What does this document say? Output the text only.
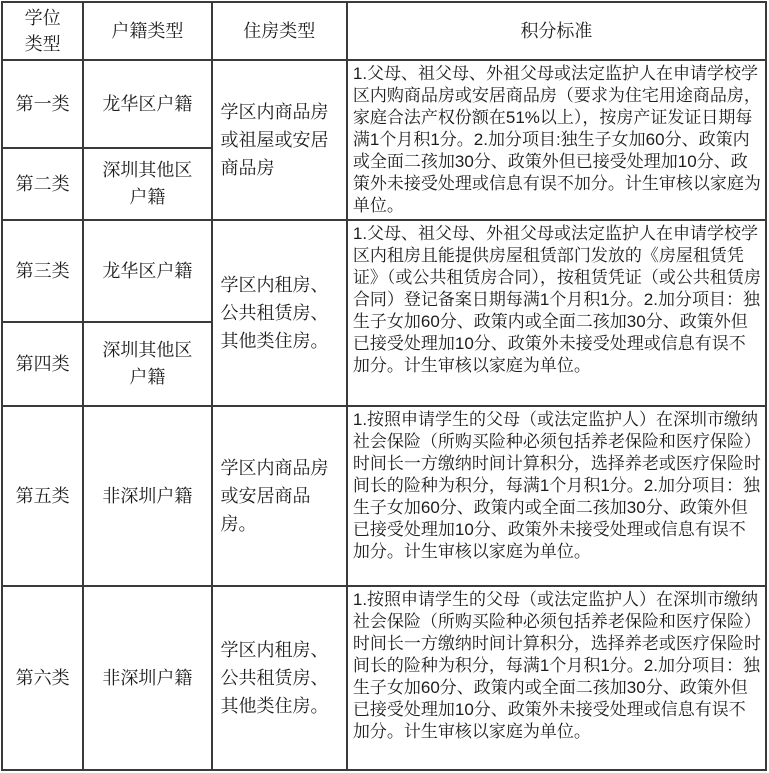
学位类型	户籍类型	住房类型	积分标准
第一类	龙华区户籍	学区内商品房或祖屋或安居商品房	1.父母、祖父母、外祖父母或法定监护人在申请学校学区内购商品房或安居商品房（要求为住宅用途商品房，家庭合法产权份额在51%以上），按房产证发证日期每满1个月积1分。2.加分项目:独生子女加60分、政策内或全面二孩加30分、政策外但已接受处理加10分、政策外未接受处理或信息有误不加分。计生审核以家庭为单位。
第二类	深圳其他区户籍		
第三类	龙华区户籍	学区内租房、公共租赁房、其他类住房。	1.父母、祖父母、外祖父母或法定监护人在申请学校学区内租房且能提供房屋租赁部门发放的《房屋租赁凭证》（或公共租赁房合同），按租赁凭证（或公共租赁房合同）登记备案日期每满1个月积1分。2.加分项目：独生子女加60分、政策内或全面二孩加30分、政策外但已接受处理加10分、政策外未接受处理或信息有误不加分。计生审核以家庭为单位。
第四类	深圳其他区户籍		
第五类	非深圳户籍	学区内商品房或安居商品房。	1.按照申请学生的父母（或法定监护人）在深圳市缴纳社会保险（所购买险种必须包括养老保险和医疗保险）时间长一方缴纳时间计算积分，选择养老或医疗保险时间长的险种为积分，每满1个月积1分。2.加分项目：独生子女加60分、政策内或全面二孩加30分、政策外但已接受处理加10分、政策外未接受处理或信息有误不加分。计生审核以家庭为单位。
第六类	非深圳户籍	学区内租房、公共租赁房、其他类住房。	1.按照申请学生的父母（或法定监护人）在深圳市缴纳社会保险（所购买险种必须包括养老保险和医疗保险）时间长一方缴纳时间计算积分，选择养老或医疗保险时间长的险种为积分，每满1个月积1分。2.加分项目：独生子女加60分、政策内或全面二孩加30分、政策外但已接受处理加10分、政策外未接受处理或信息有误不加分。计生审核以家庭为单位。
